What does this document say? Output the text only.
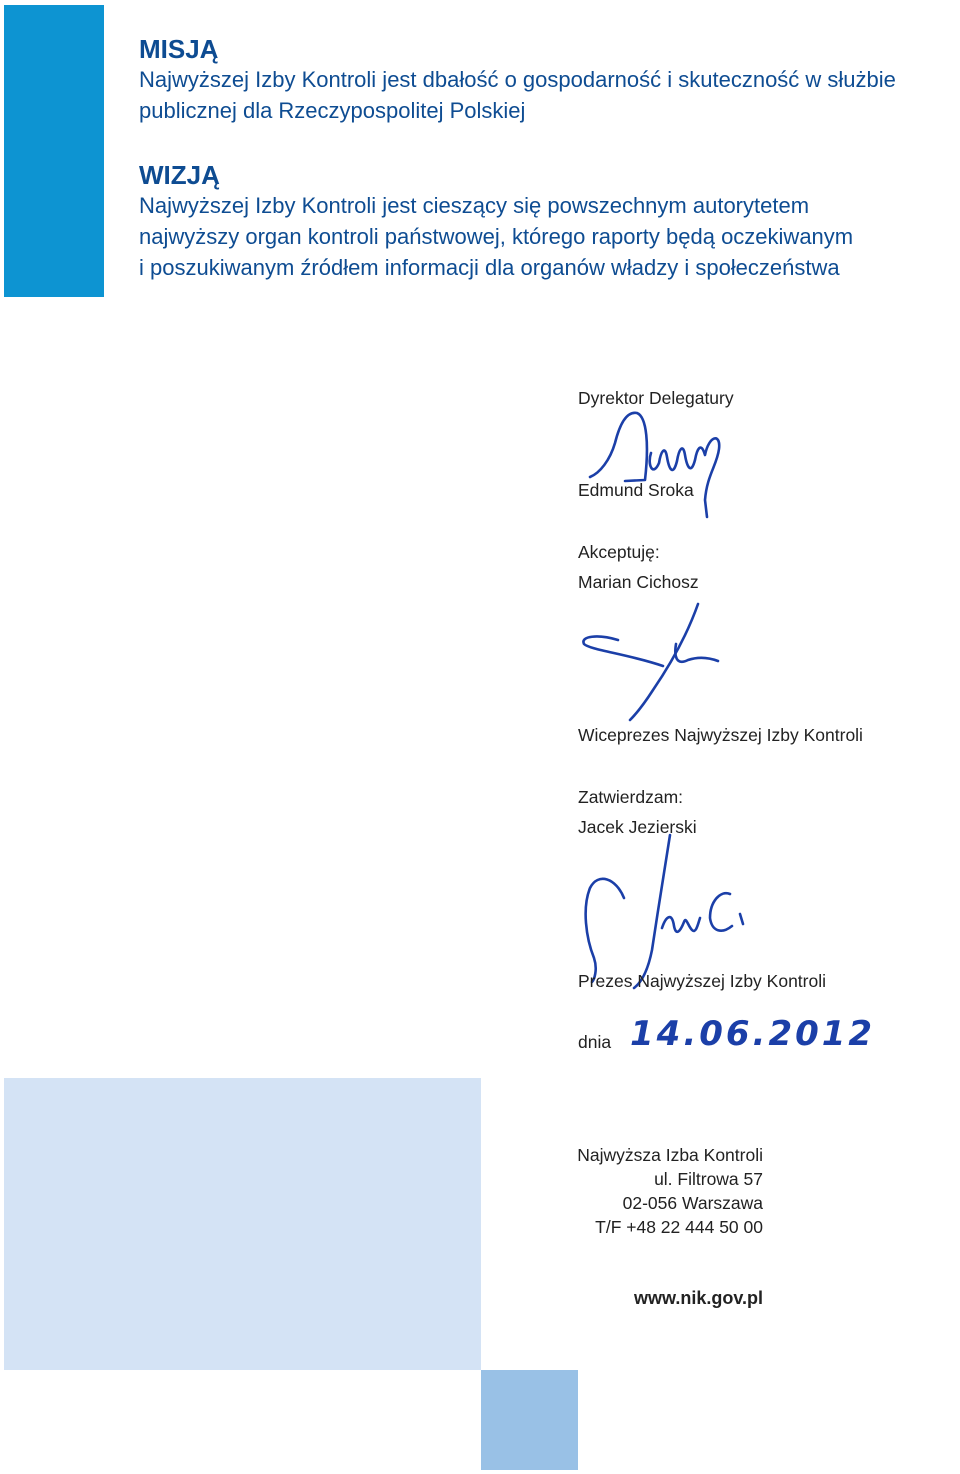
MISJĄ

Najwyższej Izby Kontroli jest dbałość o gospodarność i skuteczność w służbie

publicznej dla Rzeczypospolitej Polskiej

WIZJĄ

Najwyższej Izby Kontroli jest cieszący się powszechnym autorytetem

najwyższy organ kontroli państwowej, którego raporty będą oczekiwanym

i poszukiwanym źródłem informacji dla organów władzy i społeczeństwa

Dyrektor Delegatury
Edmund Sroka
Akceptuję:
Marian Cichosz
Wiceprezes Najwyższej Izby Kontroli
Zatwierdzam:
Jacek Jezierski
Prezes Najwyższej Izby Kontroli
dnia 14.06.2012
Najwyższa Izba Kontroli
ul. Filtrowa 57
02-056 Warszawa
T/F +48 22 444 50 00
www.nik.gov.pl
